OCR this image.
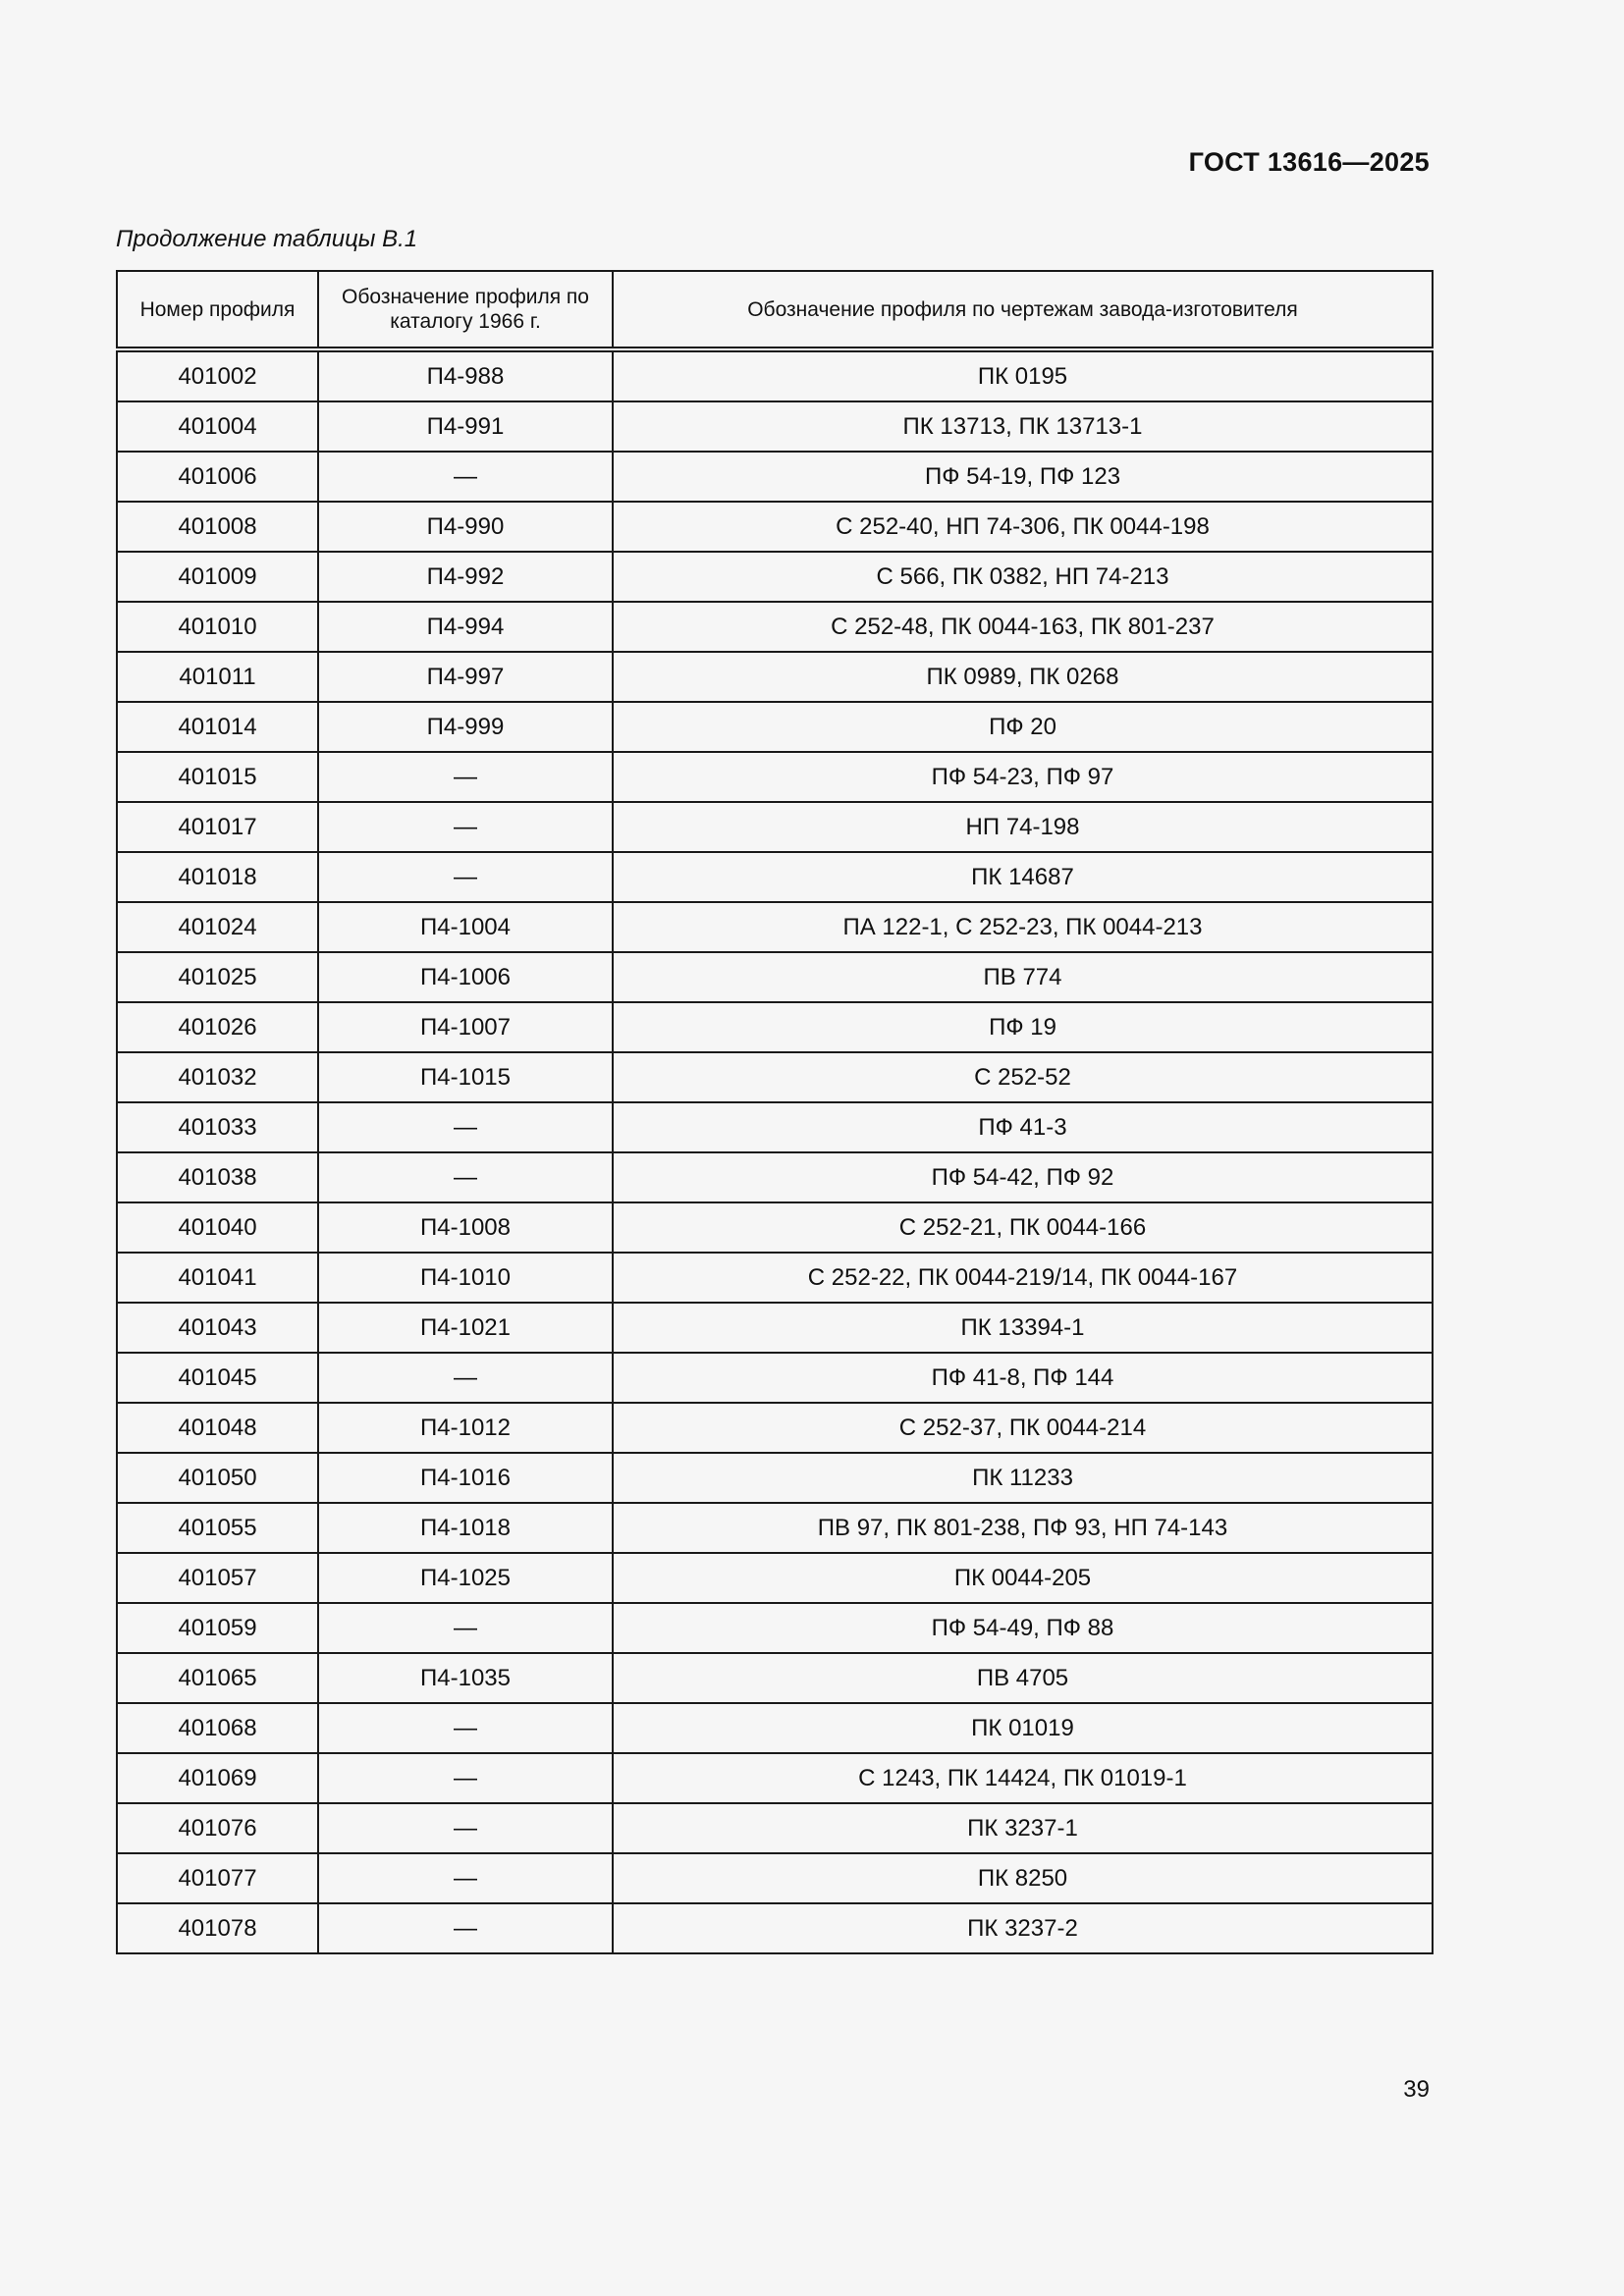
ГОСТ 13616—2025
Продолжение таблицы В.1
Номер профиля	Обозначение профиля по каталогу 1966 г.	Обозначение профиля по чертежам завода-изготовителя
401002	П4-988	ПК 0195
401004	П4-991	ПК 13713, ПК 13713-1
401006	—	ПФ 54-19, ПФ 123
401008	П4-990	С 252-40, НП 74-306, ПК 0044-198
401009	П4-992	С 566, ПК 0382, НП 74-213
401010	П4-994	С 252-48, ПК 0044-163, ПК 801-237
401011	П4-997	ПК 0989, ПК 0268
401014	П4-999	ПФ 20
401015	—	ПФ 54-23, ПФ 97
401017	—	НП 74-198
401018	—	ПК 14687
401024	П4-1004	ПА 122-1, С 252-23, ПК 0044-213
401025	П4-1006	ПВ 774
401026	П4-1007	ПФ 19
401032	П4-1015	С 252-52
401033	—	ПФ 41-3
401038	—	ПФ 54-42, ПФ 92
401040	П4-1008	С 252-21, ПК 0044-166
401041	П4-1010	С 252-22, ПК 0044-219/14, ПК 0044-167
401043	П4-1021	ПК 13394-1
401045	—	ПФ 41-8, ПФ 144
401048	П4-1012	С 252-37, ПК 0044-214
401050	П4-1016	ПК 11233
401055	П4-1018	ПВ 97, ПК 801-238, ПФ 93, НП 74-143
401057	П4-1025	ПК 0044-205
401059	—	ПФ 54-49, ПФ 88
401065	П4-1035	ПВ 4705
401068	—	ПК 01019
401069	—	С 1243, ПК 14424, ПК 01019-1
401076	—	ПК 3237-1
401077	—	ПК 8250
401078	—	ПК 3237-2
39
